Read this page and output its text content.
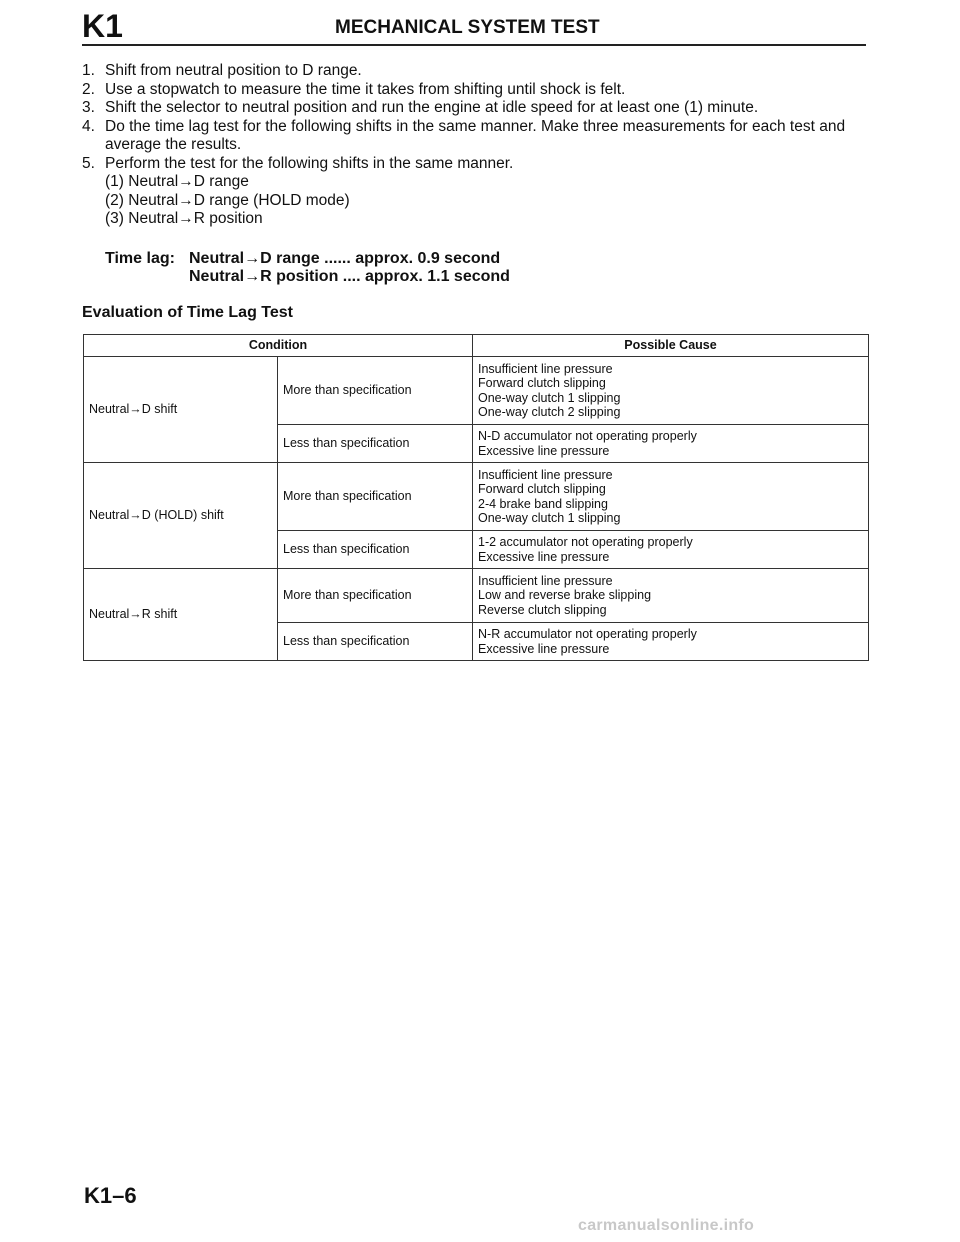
K1	MECHANICAL SYSTEM TEST
1. Shift from neutral position to D range.
2. Use a stopwatch to measure the time it takes from shifting until shock is felt.
3. Shift the selector to neutral position and run the engine at idle speed for at least one (1) minute.
4. Do the time lag test for the following shifts in the same manner. Make three measurements for each test and average the results.
5. Perform the test for the following shifts in the same manner.
(1) Neutral→D range
(2) Neutral→D range (HOLD mode)
(3) Neutral→R position
Time lag: Neutral→D range ...... approx. 0.9 second
Neutral→R position .... approx. 1.1 second
Evaluation of Time Lag Test
Condition		Possible Cause
Neutral→D shift	More than specification	Insufficient line pressure
Forward clutch slipping
One-way clutch 1 slipping
One-way clutch 2 slipping

	Less than specification	N-D accumulator not operating properly
Excessive line pressure

Neutral→D (HOLD) shift	More than specification	Insufficient line pressure
Forward clutch slipping
2-4 brake band slipping
One-way clutch 1 slipping

	Less than specification	1-2 accumulator not operating properly
Excessive line pressure

Neutral→R shift	More than specification	Insufficient line pressure
Low and reverse brake slipping
Reverse clutch slipping

	Less than specification	N-R accumulator not operating properly
Excessive line pressure
K1–6
carmanualsonline.info
